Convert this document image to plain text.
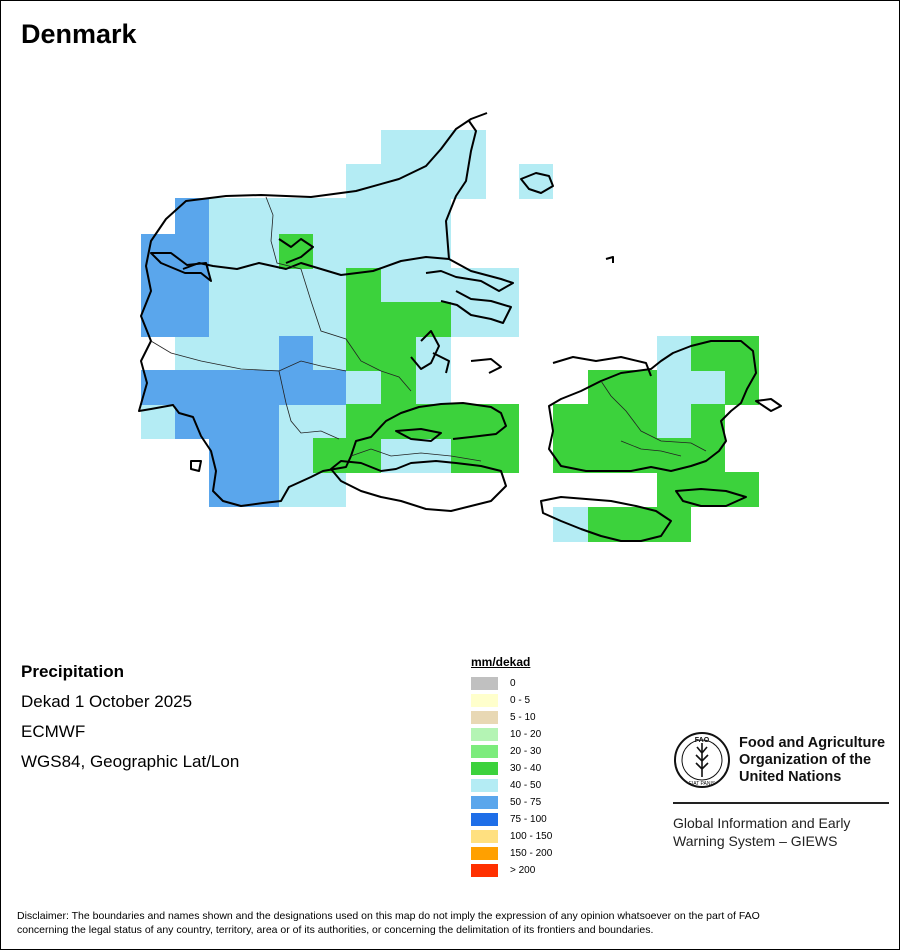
Denmark
Precipitation
Dekad 1 October 2025
ECMWF
WGS84, Geographic Lat/Lon
mm/dekad
0
0 - 5
5 - 10
10 - 20
20 - 30
30 - 40
40 - 50
50 - 75
75 - 100
100 - 150
150 - 200
> 200
FAO
FIAT PANIS
Food and Agriculture
Organization of the
United Nations
Global Information and Early
Warning System – GIEWS
Disclaimer: The boundaries and names shown and the designations used on this map do not imply the expression of any opinion whatsoever on the part of FAO
concerning the legal status of any country, territory, area or of its authorities, or concerning the delimitation of its frontiers and boundaries.
